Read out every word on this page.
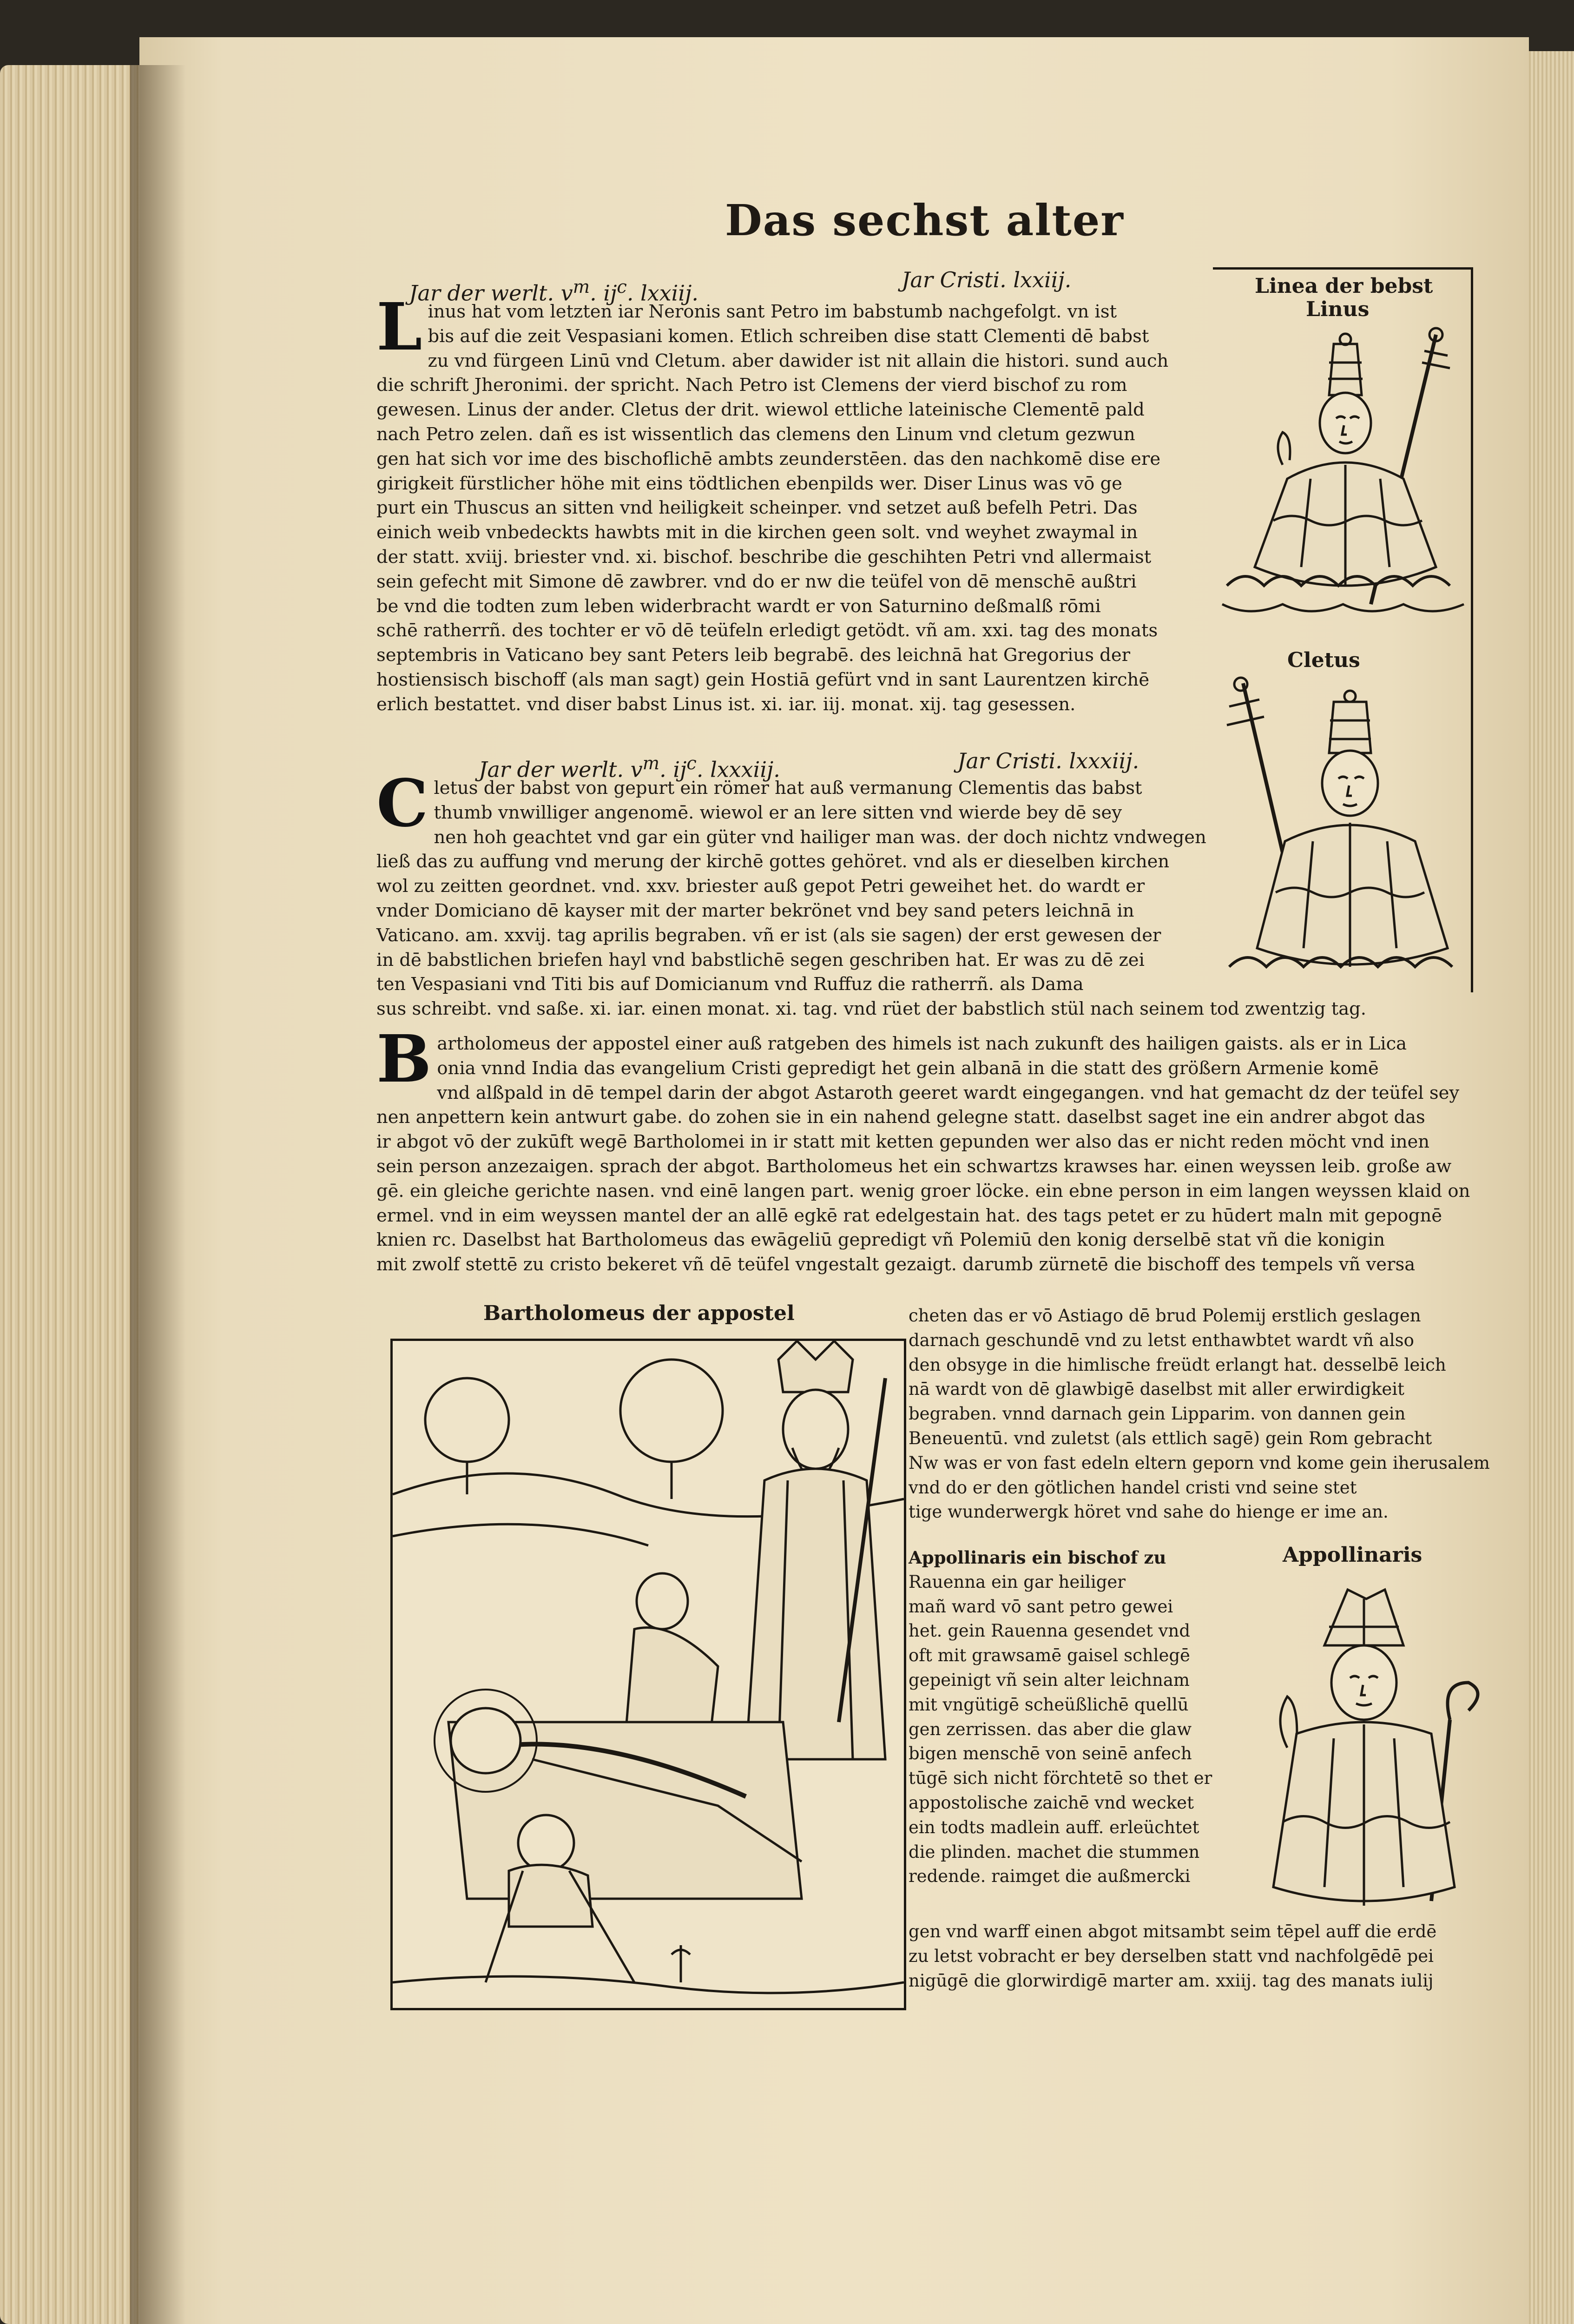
Das sechst alter
Jar der werlt. $v^m$. $ij^c$. lxxiij.
Jar Cristi. lxxiij.
Linus hat vom letzten iar Neronis sant Petro im babstumb nachgefolgt. vn ist
bis auf die zeit Vespasiani komen. Etlich schreiben dise statt Clementi dē babst
zu vnd fürgeen Linū vnd Cletum. aber dawider ist nit allain die histori. sund auch
die schrift Jheronimi. der spricht. Nach Petro ist Clemens der vierd bischof zu rom
gewesen. Linus der ander. Cletus der drit. wiewol ettliche lateinische Clementē pald
nach Petro zelen. dañ es ist wissentlich das clemens den Linum vnd cletum gezwun
gen hat sich vor ime des bischoflichē ambts zeunderstēen. das den nachkomē dise ere
girigkeit fürstlicher höhe mit eins tödtlichen ebenpilds wer. Diser Linus was vō ge
purt ein Thuscus an sitten vnd heiligkeit scheinper. vnd setzet auß befelh Petri. Das
einich weib vnbedeckts hawbts mit in die kirchen geen solt. vnd weyhet zwaymal in
der statt. xviij. briester vnd. xi. bischof. beschribe die geschihten Petri vnd allermaist
sein gefecht mit Simone dē zawbrer. vnd do er nw die teüfel von dē menschē außtri
be vnd die todten zum leben widerbracht wardt er von Saturnino deßmalß rōmi
schē ratherrñ. des tochter er vō dē teüfeln erledigt getödt. vñ am. xxi. tag des monats
septembris in Vaticano bey sant Peters leib begrabē. des leichnā hat Gregorius der
hostiensisch bischoff (als man sagt) gein Hostiā gefürt vnd in sant Laurentzen kirchē
erlich bestattet. vnd diser babst Linus ist. xi. iar. iij. monat. xij. tag gesessen.
Jar der werlt. $v^m$. $ij^c$. lxxxiij.	Jar Cristi. lxxxiij.
Cletus der babst von gepurt ein römer hat auß vermanung Clementis das babst
thumb vnwilliger angenomē. wiewol er an lere sitten vnd wierde bey dē sey
nen hoh geachtet vnd gar ein güter vnd hailiger man was. der doch nichtz vndwegen
ließ das zu auffung vnd merung der kirchē gottes gehöret. vnd als er dieselben kirchen
wol zu zeitten geordnet. vnd. xxv. briester auß gepot Petri geweihet het. do wardt er
vnder Domiciano dē kayser mit der marter bekrönet vnd bey sand peters leichnā in
Vaticano. am. xxvij. tag aprilis begraben. vñ er ist (als sie sagen) der erst gewesen der
in dē babstlichen briefen hayl vnd babstlichē segen geschriben hat. Er was zu dē zei
ten Vespasiani vnd Titi bis auf Domicianum vnd Ruffuz die ratherrñ. als Dama
sus schreibt. vnd saße. xi. iar. einen monat. xi. tag. vnd rüet der babstlich stül nach seinem tod zwentzig tag.
Bartholomeus der appostel einer auß ratgeben des himels ist nach zukunft des hailigen gaists. als er in Lica
onia vnnd India das evangelium Cristi gepredigt het gein albanā in die statt des größern Armenie komē
vnd alßpald in dē tempel darin der abgot Astaroth geeret wardt eingegangen. vnd hat gemacht dz der teüfel sey
nen anpettern kein antwurt gabe. do zohen sie in ein nahend gelegne statt. daselbst saget ine ein andrer abgot das
ir abgot vō der zukūft wegē Bartholomei in ir statt mit ketten gepunden wer also das er nicht reden möcht vnd inen
sein person anzezaigen. sprach der abgot. Bartholomeus het ein schwartzs krawses har. einen weyssen leib. große aw
gē. ein gleiche gerichte nasen. vnd einē langen part. wenig groer löcke. ein ebne person in eim langen weyssen klaid on
ermel. vnd in eim weyssen mantel der an allē egkē rat edelgestain hat. des tags petet er zu hūdert maln mit gepognē
knien rc. Daselbst hat Bartholomeus das ewāgeliū gepredigt vñ Polemiū den konig derselbē stat vñ die konigin
mit zwolf stettē zu cristo bekeret vñ dē teüfel vngestalt gezaigt. darumb zürnetē die bischoff des tempels vñ versa
Linea der bebst
Linus
Cletus
Bartholomeus der appostel	cheten das er vō Astiago dē brud Polemij erstlich geslagen
darnach geschundē vnd zu letst enthawbtet wardt vñ also
den obsyge in die himlische freüdt erlangt hat. desselbē leich
nā wardt von dē glawbigē daselbst mit aller erwirdigkeit
begraben. vnnd darnach gein Lipparim. von dannen gein
Beneuentū. vnd zuletst (als ettlich sagē) gein Rom gebracht
Nw was er von fast edeln eltern geporn vnd kome gein iherusalem
vnd do er den götlichen handel cristi vnd seine stet
tige wunderwergk höret vnd sahe do hienge er ime an.
Appollinaris
Appollinaris ein bischof zu
Rauenna ein gar heiliger
mañ ward vō sant petro gewei
het. gein Rauenna gesendet vnd
oft mit grawsamē gaisel schlegē
gepeinigt vñ sein alter leichnam
mit vngütigē scheüßlichē quellū
gen zerrissen. das aber die glaw
bigen menschē von seinē anfech
tūgē sich nicht förchtetē so thet er
appostolische zaichē vnd wecket
ein todts madlein auff. erleüchtet
die plinden. machet die stummen
redende. raimget die außmercki
gen vnd warff einen abgot mitsambt seim tēpel auff die erdē
zu letst vobracht er bey derselben statt vnd nachfolgēdē pei
nigūgē die glorwirdigē marter am. xxiij. tag des manats iulij
